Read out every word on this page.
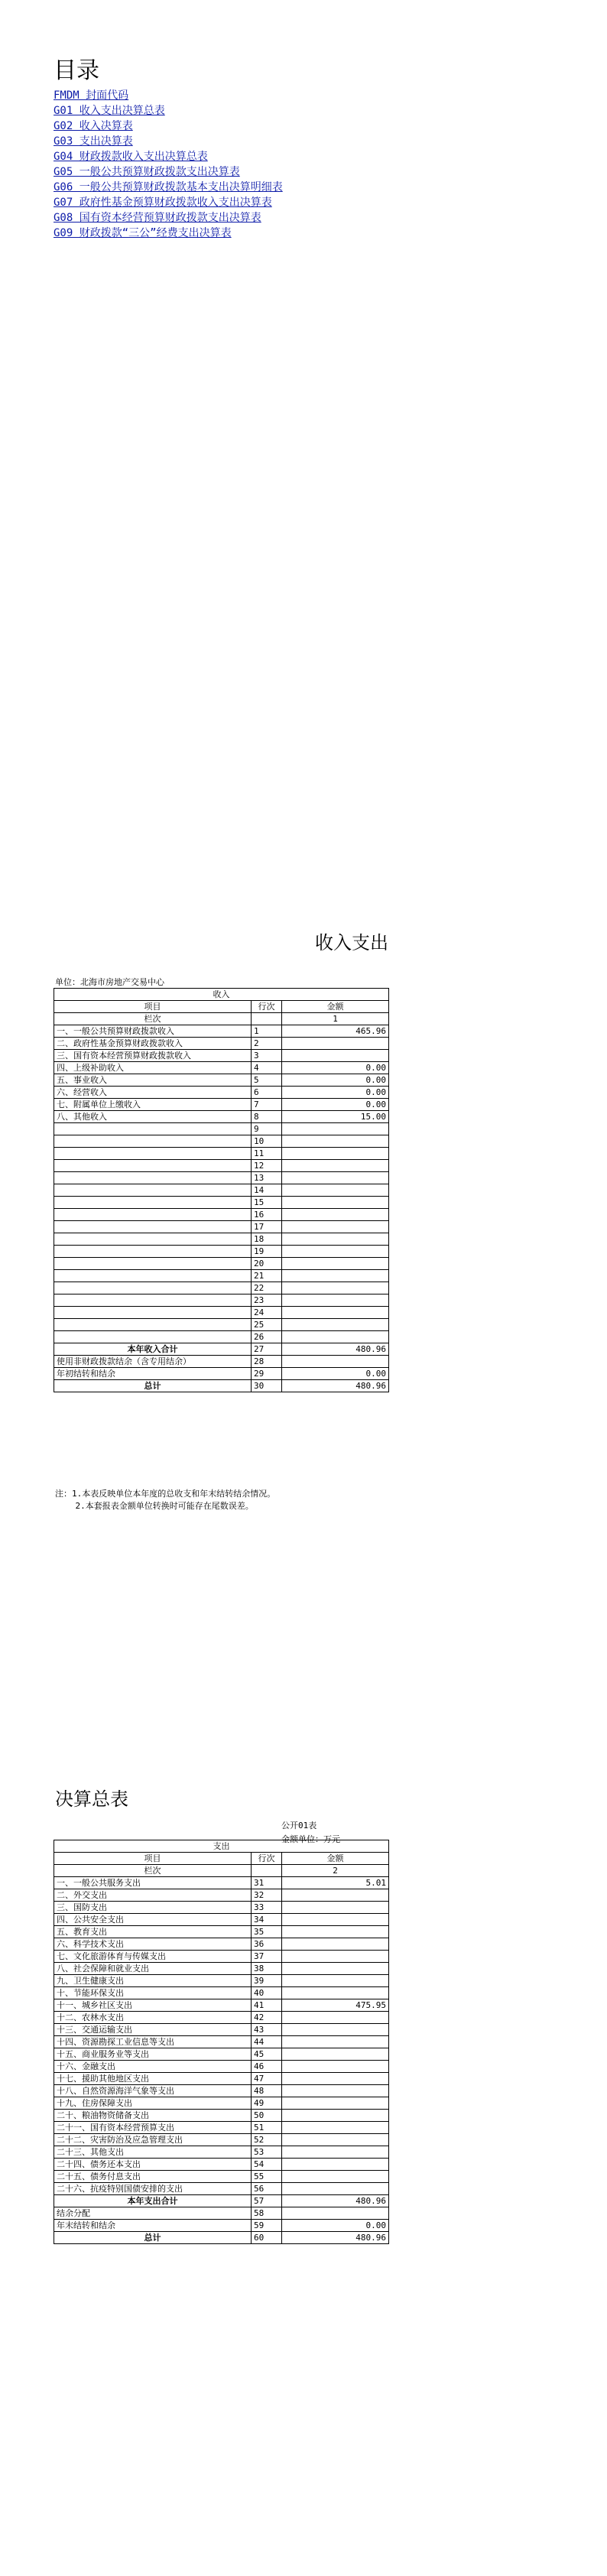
目录
FMDM 封面代码
G01 收入支出决算总表
G02 收入决算表
G03 支出决算表
G04 财政拨款收入支出决算总表
G05 一般公共预算财政拨款支出决算表
G06 一般公共预算财政拨款基本支出决算明细表
G07 政府性基金预算财政拨款收入支出决算表
G08 国有资本经营预算财政拨款支出决算表
G09 财政拨款“三公”经费支出决算表
收入支出
单位：北海市房地产交易中心
收入		
项目	行次	金额
栏次		1
一、一般公共预算财政拨款收入	1	465.96
二、政府性基金预算财政拨款收入	2	
三、国有资本经营预算财政拨款收入	3	
四、上级补助收入	4	0.00
五、事业收入	5	0.00
六、经营收入	6	0.00
七、附属单位上缴收入	7	0.00
八、其他收入	8	15.00
	9	
	10	
	11	
	12	
	13	
	14	
	15	
	16	
	17	
	18	
	19	
	20	
	21	
	22	
	23	
	24	
	25	
	26	
本年收入合计	27	480.96
使用非财政拨款结余（含专用结余）	28	
年初结转和结余	29	0.00
总计	30	480.96
注：1.本表反映单位本年度的总收支和年末结转结余情况。
2.本套报表金额单位转换时可能存在尾数误差。
决算总表
公开01表
金额单位：万元
支出		
项目	行次	金额
栏次		2
一、一般公共服务支出	31	5.01
二、外交支出	32	
三、国防支出	33	
四、公共安全支出	34	
五、教育支出	35	
六、科学技术支出	36	
七、文化旅游体育与传媒支出	37	
八、社会保障和就业支出	38	
九、卫生健康支出	39	
十、节能环保支出	40	
十一、城乡社区支出	41	475.95
十二、农林水支出	42	
十三、交通运输支出	43	
十四、资源勘探工业信息等支出	44	
十五、商业服务业等支出	45	
十六、金融支出	46	
十七、援助其他地区支出	47	
十八、自然资源海洋气象等支出	48	
十九、住房保障支出	49	
二十、粮油物资储备支出	50	
二十一、国有资本经营预算支出	51	
二十二、灾害防治及应急管理支出	52	
二十三、其他支出	53	
二十四、债务还本支出	54	
二十五、债务付息支出	55	
二十六、抗疫特别国债安排的支出	56	
本年支出合计	57	480.96
结余分配	58	
年末结转和结余	59	0.00
总计	60	480.96
